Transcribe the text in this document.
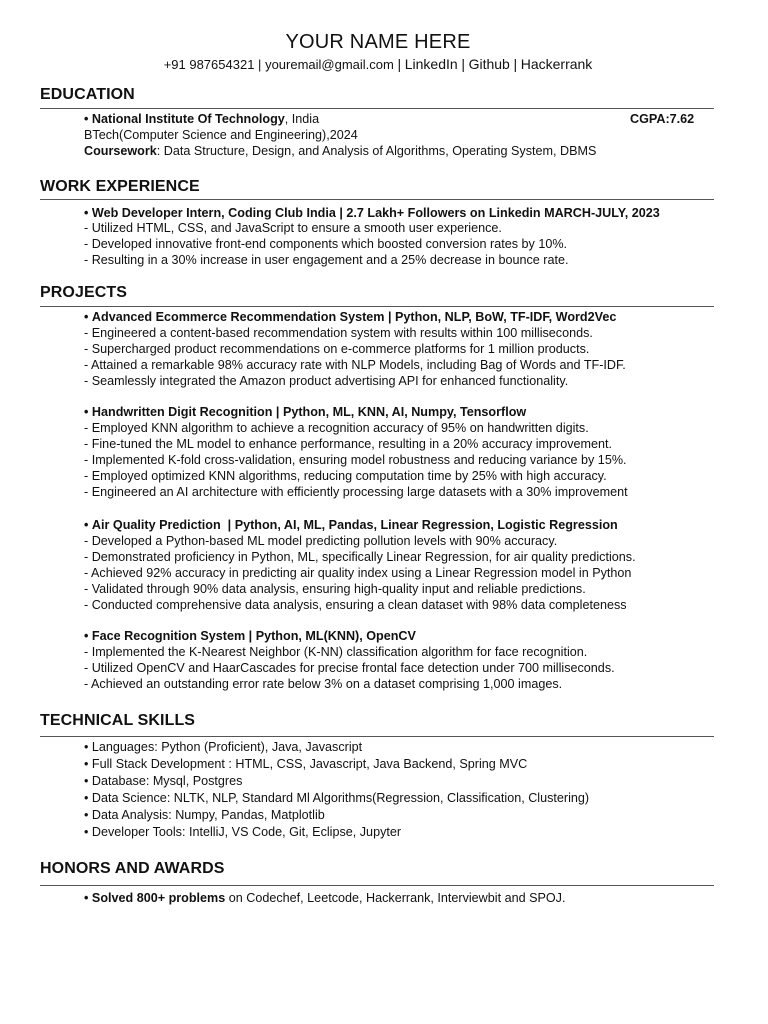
YOUR NAME HERE
+91 987654321 | youremail@gmail.com | LinkedIn | Github | Hackerrank
EDUCATION
• National Institute Of Technology, India	CGPA:7.62
BTech(Computer Science and Engineering),2024
Coursework: Data Structure, Design, and Analysis of Algorithms, Operating System, DBMS
WORK EXPERIENCE
• Web Developer Intern, Coding Club India | 2.7 Lakh+ Followers on Linkedin MARCH-JULY, 2023
- Utilized HTML, CSS, and JavaScript to ensure a smooth user experience.
- Developed innovative front-end components which boosted conversion rates by 10%.
- Resulting in a 30% increase in user engagement and a 25% decrease in bounce rate.
PROJECTS
• Advanced Ecommerce Recommendation System | Python, NLP, BoW, TF-IDF, Word2Vec
- Engineered a content-based recommendation system with results within 100 milliseconds.
- Supercharged product recommendations on e-commerce platforms for 1 million products.
- Attained a remarkable 98% accuracy rate with NLP Models, including Bag of Words and TF-IDF.
- Seamlessly integrated the Amazon product advertising API for enhanced functionality.
• Handwritten Digit Recognition | Python, ML, KNN, AI, Numpy, Tensorflow
- Employed KNN algorithm to achieve a recognition accuracy of 95% on handwritten digits.
- Fine-tuned the ML model to enhance performance, resulting in a 20% accuracy improvement.
- Implemented K-fold cross-validation, ensuring model robustness and reducing variance by 15%.
- Employed optimized KNN algorithms, reducing computation time by 25% with high accuracy.
- Engineered an AI architecture with efficiently processing large datasets with a 30% improvement
• Air Quality Prediction  | Python, AI, ML, Pandas, Linear Regression, Logistic Regression
- Developed a Python-based ML model predicting pollution levels with 90% accuracy.
- Demonstrated proficiency in Python, ML, specifically Linear Regression, for air quality predictions.
- Achieved 92% accuracy in predicting air quality index using a Linear Regression model in Python
- Validated through 90% data analysis, ensuring high-quality input and reliable predictions.
- Conducted comprehensive data analysis, ensuring a clean dataset with 98% data completeness
• Face Recognition System | Python, ML(KNN), OpenCV
- Implemented the K-Nearest Neighbor (K-NN) classification algorithm for face recognition.
- Utilized OpenCV and HaarCascades for precise frontal face detection under 700 milliseconds.
- Achieved an outstanding error rate below 3% on a dataset comprising 1,000 images.
TECHNICAL SKILLS
• Languages: Python (Proficient), Java, Javascript
• Full Stack Development : HTML, CSS, Javascript, Java Backend, Spring MVC
• Database: Mysql, Postgres
• Data Science: NLTK, NLP, Standard Ml Algorithms(Regression, Classification, Clustering)
• Data Analysis: Numpy, Pandas, Matplotlib
• Developer Tools: IntelliJ, VS Code, Git, Eclipse, Jupyter
HONORS AND AWARDS
• Solved 800+ problems on Codechef, Leetcode, Hackerrank, Interviewbit and SPOJ.
